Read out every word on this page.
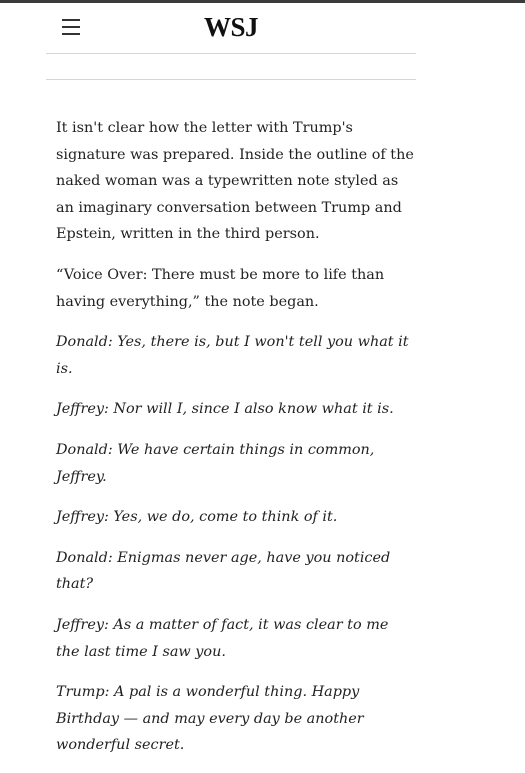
WSJ

It isn't clear how the letter with Trump's signature was prepared. Inside the outline of the naked woman was a typewritten note styled as an imaginary conversation between Trump and Epstein, written in the third person.

“Voice Over: There must be more to life than having everything,” the note began.

Donald: Yes, there is, but I won't tell you what it is.

Jeffrey: Nor will I, since I also know what it is.

Donald: We have certain things in common, Jeffrey.

Jeffrey: Yes, we do, come to think of it.

Donald: Enigmas never age, have you noticed that?

Jeffrey: As a matter of fact, it was clear to me the last time I saw you.

Trump: A pal is a wonderful thing. Happy Birthday — and may every day be another wonderful secret.
